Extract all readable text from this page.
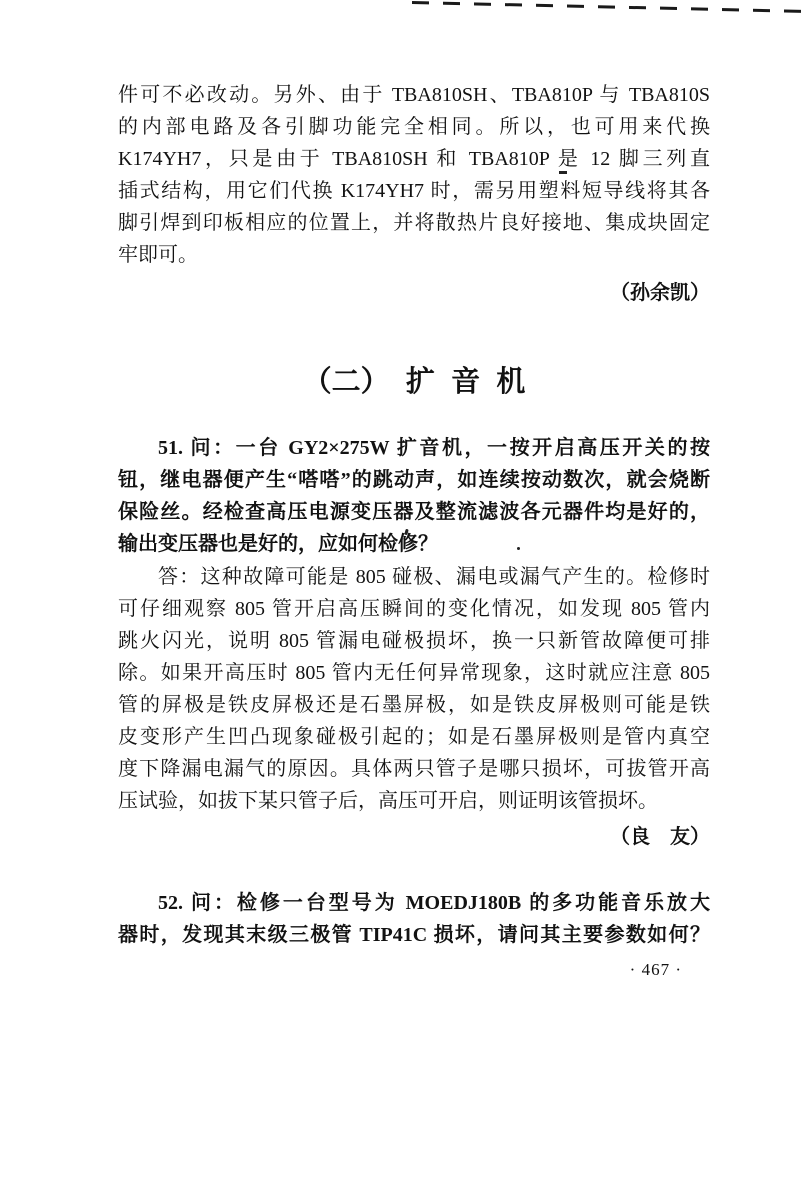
件可不必改动。另外、由于 TBA810SH、TBA810P 与 TBA810S
的内部电路及各引脚功能完全相同。所以，也可用来代换
K174YH7，只是由于 TBA810SH 和 TBA810P 是 12 脚三列直
插式结构，用它们代换 K174YH7 时，需另用塑料短导线将其各
脚引焊到印板相应的位置上，并将散热片良好接地、集成块固定
牢即可。
（孙余凯）
（二） 扩 音 机
51. 问：一台 GY2×275W 扩音机，一按开启高压开关的按
钮，继电器便产生“嗒嗒”的跳动声，如连续按动数次，就会烧断
保险丝。经检查高压电源变压器及整流滤波各元器件均是好的，
输出变压器也是好的，应如何检修？
答：这种故障可能是 805 碰极、漏电或漏气产生的。检修时
可仔细观察 805 管开启高压瞬间的变化情况，如发现 805 管内
跳火闪光，说明 805 管漏电碰极损坏，换一只新管故障便可排
除。如果开高压时 805 管内无任何异常现象，这时就应注意 805
管的屏极是铁皮屏极还是石墨屏极，如是铁皮屏极则可能是铁
皮变形产生凹凸现象碰极引起的；如是石墨屏极则是管内真空
度下降漏电漏气的原因。具体两只管子是哪只损坏，可拔管开高
压试验，如拔下某只管子后，高压可开启，则证明该管损坏。
（良　友）
52. 问：检修一台型号为 MOEDJ180B 的多功能音乐放大
器时，发现其末级三极管 TIP41C 损坏，请问其主要参数如何？
· 467 ·
